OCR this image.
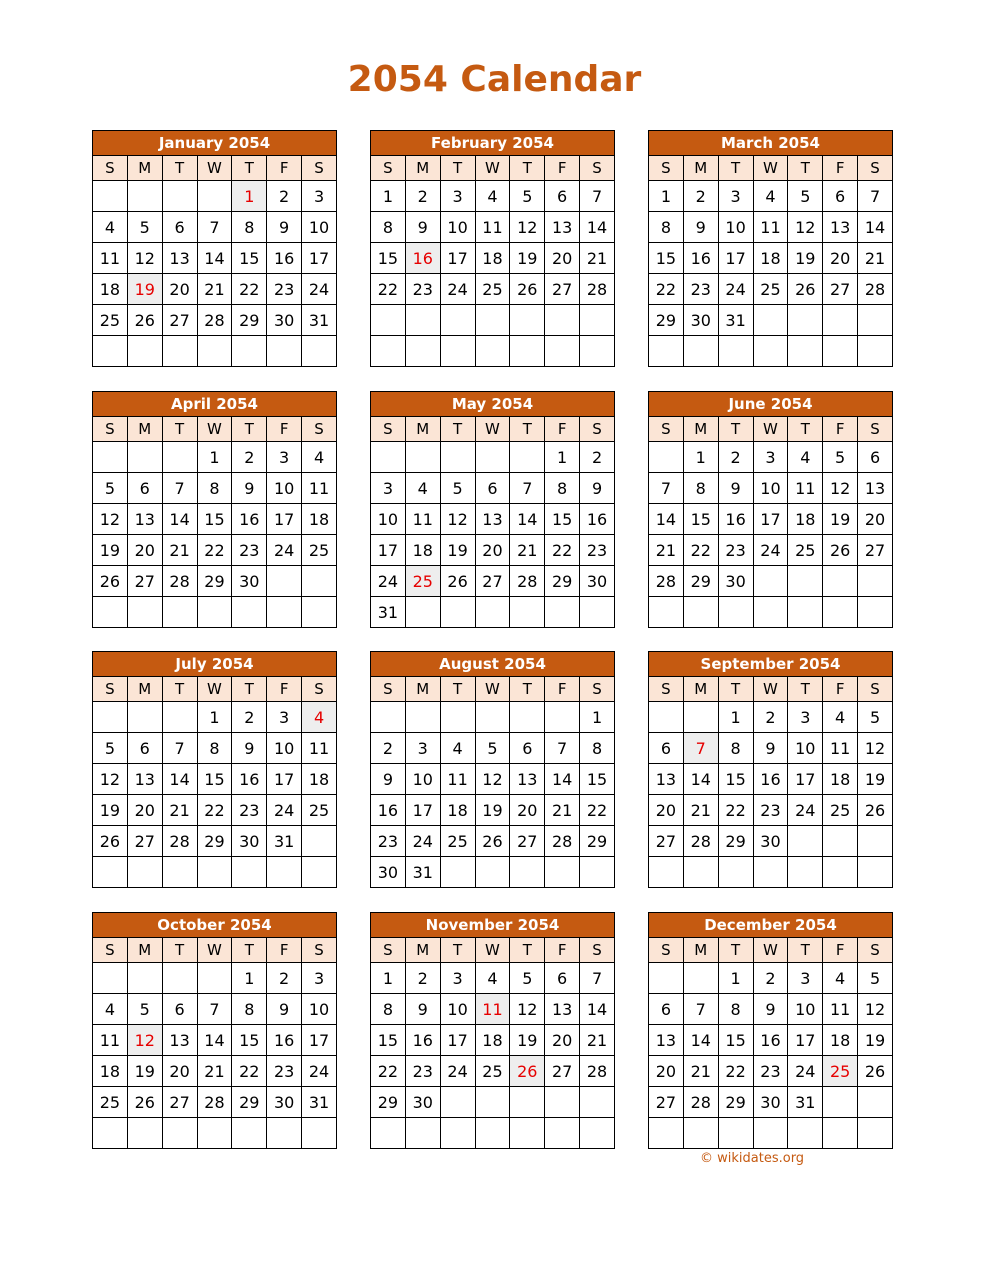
2054 Calendar
January 2054						
S	M	T	W	T	F	S
				1	2	3
4	5	6	7	8	9	10
11	12	13	14	15	16	17
18	19	20	21	22	23	24
25	26	27	28	29	30	31

February 2054						
S	M	T	W	T	F	S
1	2	3	4	5	6	7
8	9	10	11	12	13	14
15	16	17	18	19	20	21
22	23	24	25	26	27	28

March 2054						
S	M	T	W	T	F	S
1	2	3	4	5	6	7
8	9	10	11	12	13	14
15	16	17	18	19	20	21
22	23	24	25	26	27	28
29	30	31				

April 2054						
S	M	T	W	T	F	S
			1	2	3	4
5	6	7	8	9	10	11
12	13	14	15	16	17	18
19	20	21	22	23	24	25
26	27	28	29	30		

May 2054						
S	M	T	W	T	F	S
					1	2
3	4	5	6	7	8	9
10	11	12	13	14	15	16
17	18	19	20	21	22	23
24	25	26	27	28	29	30
31						
June 2054						
S	M	T	W	T	F	S
	1	2	3	4	5	6
7	8	9	10	11	12	13
14	15	16	17	18	19	20
21	22	23	24	25	26	27
28	29	30				

July 2054						
S	M	T	W	T	F	S
			1	2	3	4
5	6	7	8	9	10	11
12	13	14	15	16	17	18
19	20	21	22	23	24	25
26	27	28	29	30	31	

August 2054						
S	M	T	W	T	F	S
						1
2	3	4	5	6	7	8
9	10	11	12	13	14	15
16	17	18	19	20	21	22
23	24	25	26	27	28	29
30	31					
September 2054						
S	M	T	W	T	F	S
		1	2	3	4	5
6	7	8	9	10	11	12
13	14	15	16	17	18	19
20	21	22	23	24	25	26
27	28	29	30			

October 2054						
S	M	T	W	T	F	S
				1	2	3
4	5	6	7	8	9	10
11	12	13	14	15	16	17
18	19	20	21	22	23	24
25	26	27	28	29	30	31

November 2054						
S	M	T	W	T	F	S
1	2	3	4	5	6	7
8	9	10	11	12	13	14
15	16	17	18	19	20	21
22	23	24	25	26	27	28
29	30					

December 2054						
S	M	T	W	T	F	S
		1	2	3	4	5
6	7	8	9	10	11	12
13	14	15	16	17	18	19
20	21	22	23	24	25	26
27	28	29	30	31		

© wikidates.org
